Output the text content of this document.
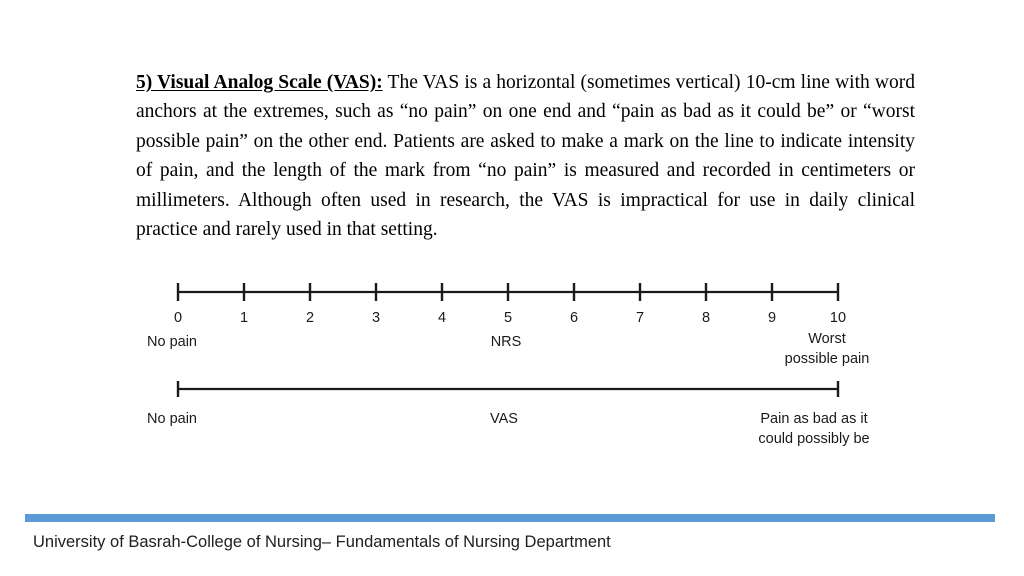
5) Visual Analog Scale (VAS): The VAS is a horizontal (sometimes vertical) 10-cm line with word anchors at the extremes, such as “no pain” on one end and “pain as bad as it could be” or “worst possible pain” on the other end. Patients are asked to make a mark on the line to indicate intensity of pain, and the length of the mark from “no pain” is measured and recorded in centimeters or millimeters. Although often used in research, the VAS is impractical for use in daily clinical practice and rarely used in that setting.

0	1	2	3	4	5	6	7	8	9	10
No pain	NRS	Worst
possible pain
No pain	VAS	Pain as bad as it
could possibly be
University of Basrah-College of Nursing– Fundamentals of Nursing Department
